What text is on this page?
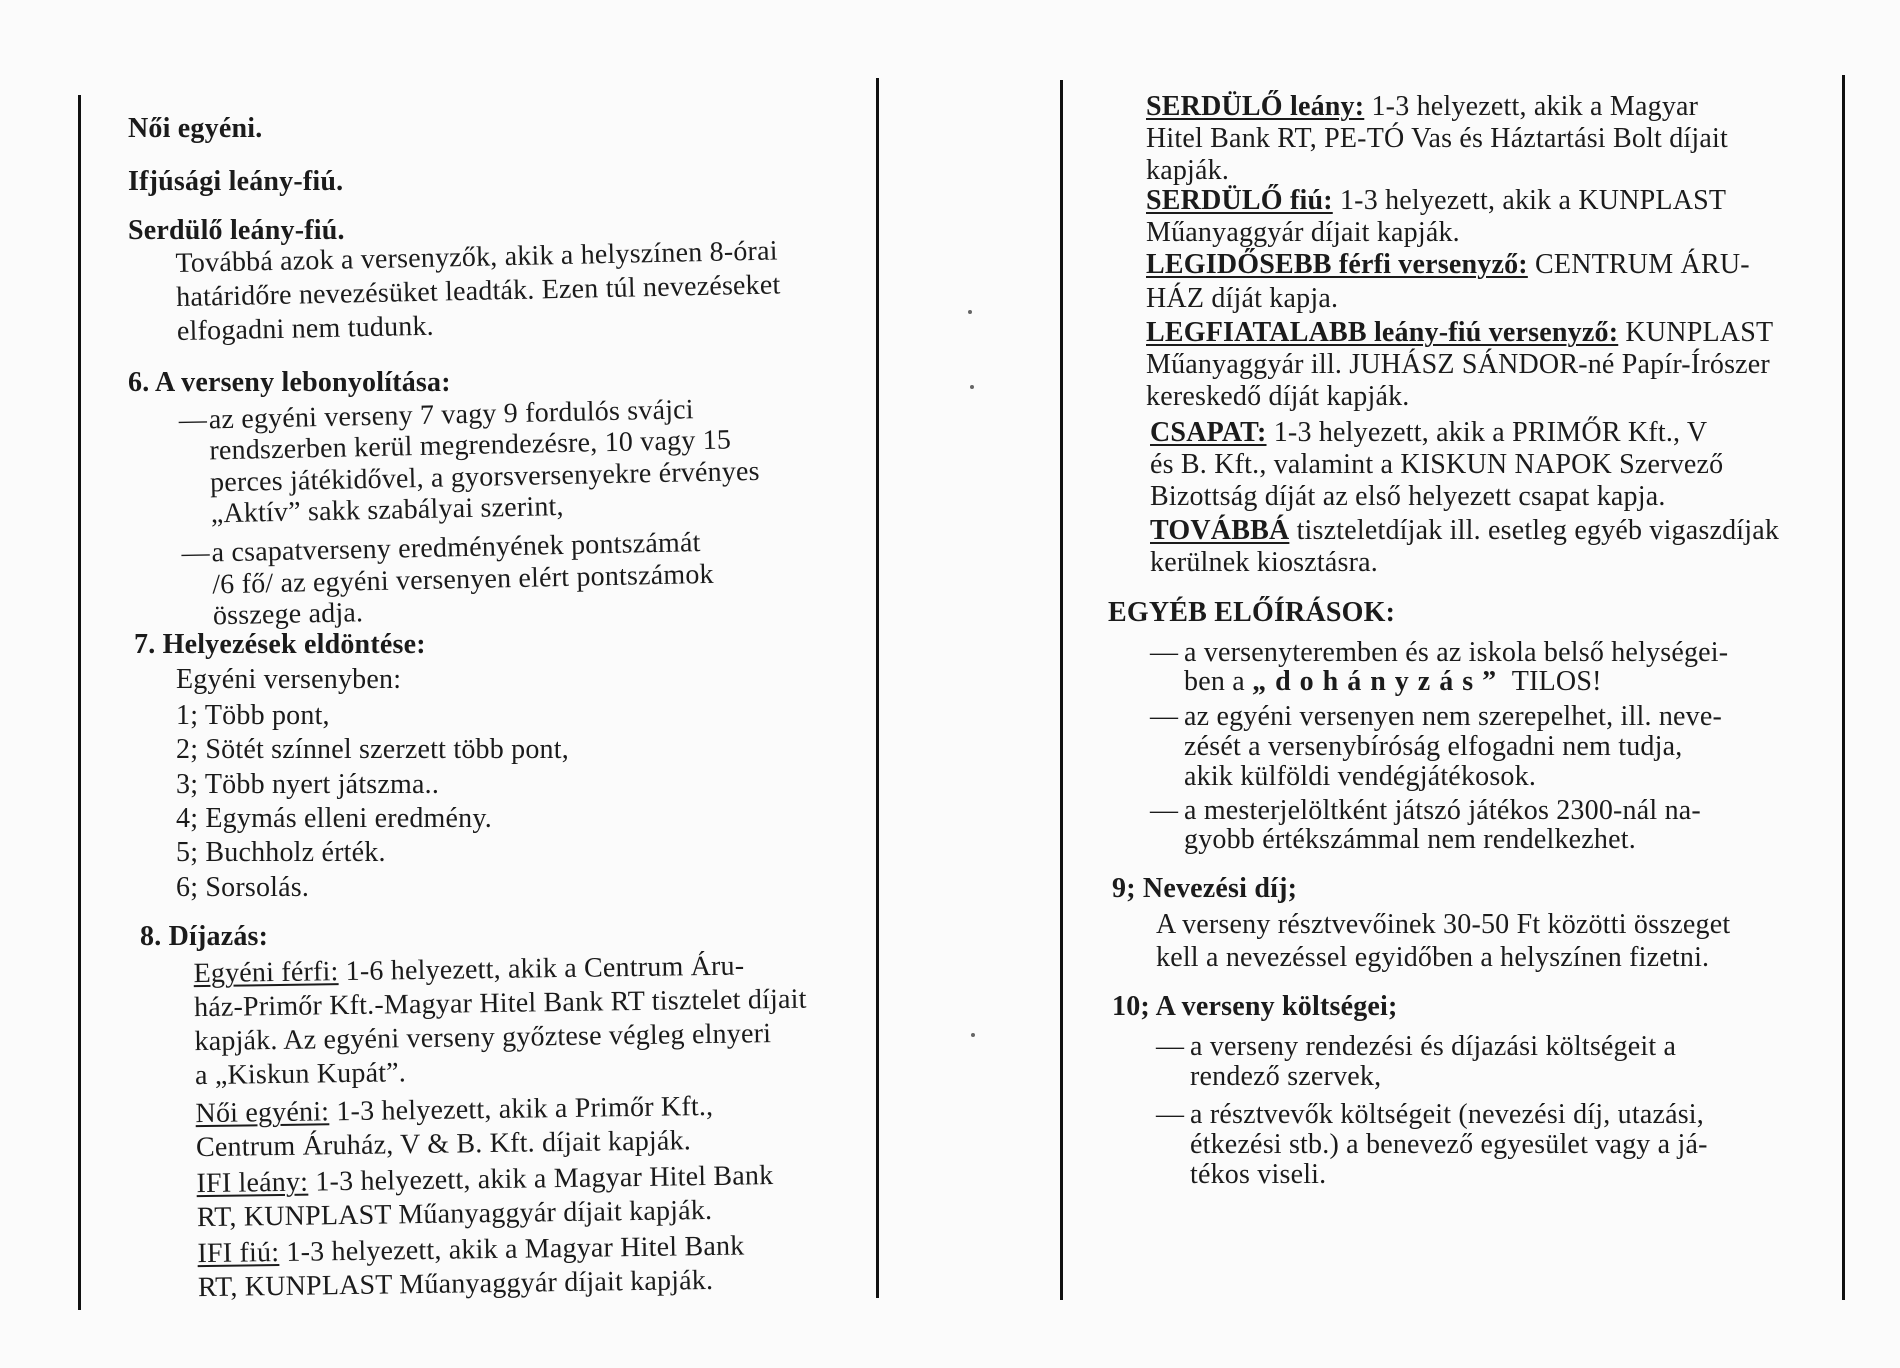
Női egyéni.
Ifjúsági leány-fiú.
Serdülő leány-fiú.
Továbbá azok a versenyzők, akik a helyszínen 8-órai
határidőre nevezésüket leadták. Ezen túl nevezéseket
elfogadni nem tudunk.
6. A verseny lebonyolítása:
— az egyéni verseny 7 vagy 9 fordulós svájci
rendszerben kerül megrendezésre, 10 vagy 15
perces játékidővel, a gyorsversenyekre érvényes
„Aktív” sakk szabályai szerint,
— a csapatverseny eredményének pontszámát
/6 fő/ az egyéni versenyen elért pontszámok
összege adja.
7. Helyezések eldöntése:
Egyéni versenyben:
1; Több pont,
2; Sötét színnel szerzett több pont,
3; Több nyert játszma..
4; Egymás elleni eredmény.
5; Buchholz érték.
6; Sorsolás.
8. Díjazás:
Egyéni férfi: 1-6 helyezett, akik a Centrum Áru-
ház-Primőr Kft.-Magyar Hitel Bank RT tisztelet díjait
kapják. Az egyéni verseny győztese végleg elnyeri
a „Kiskun Kupát”.
Női egyéni: 1-3 helyezett, akik a Primőr Kft.,
Centrum Áruház, V & B. Kft. díjait kapják.
IFI leány: 1-3 helyezett, akik a Magyar Hitel Bank
RT, KUNPLAST Műanyaggyár díjait kapják.
IFI fiú: 1-3 helyezett, akik a Magyar Hitel Bank
RT, KUNPLAST Műanyaggyár díjait kapják.
SERDÜLŐ leány: 1-3 helyezett, akik a Magyar
Hitel Bank RT, PE-TÓ Vas és Háztartási Bolt díjait
kapják.
SERDÜLŐ fiú: 1-3 helyezett, akik a KUNPLAST
Műanyaggyár díjait kapják.
LEGIDŐSEBB férfi versenyző: CENTRUM ÁRU-
HÁZ díját kapja.
LEGFIATALABB leány-fiú versenyző: KUNPLAST
Műanyaggyár ill. JUHÁSZ SÁNDOR-né Papír-Írószer
kereskedő díját kapják.
CSAPAT: 1-3 helyezett, akik a PRIMŐR Kft., V
és B. Kft., valamint a KISKUN NAPOK Szervező
Bizottság díját az első helyezett csapat kapja.
TOVÁBBÁ tiszteletdíjak ill. esetleg egyéb vigaszdíjak
kerülnek kiosztásra.
EGYÉB ELŐÍRÁSOK:
— a versenyteremben és az iskola belső helységei-
ben a „dohányzás” TILOS!
— az egyéni versenyen nem szerepelhet, ill. neve-
zését a versenybíróság elfogadni nem tudja,
akik külföldi vendégjátékosok.
— a mesterjelöltként játszó játékos 2300-nál na-
gyobb értékszámmal nem rendelkezhet.
9; Nevezési díj;
A verseny résztvevőinek 30-50 Ft közötti összeget
kell a nevezéssel egyidőben a helyszínen fizetni.
10; A verseny költségei;
— a verseny rendezési és díjazási költségeit a
rendező szervek,
— a résztvevők költségeit (nevezési díj, utazási,
étkezési stb.) a benevező egyesület vagy a já-
tékos viseli.
